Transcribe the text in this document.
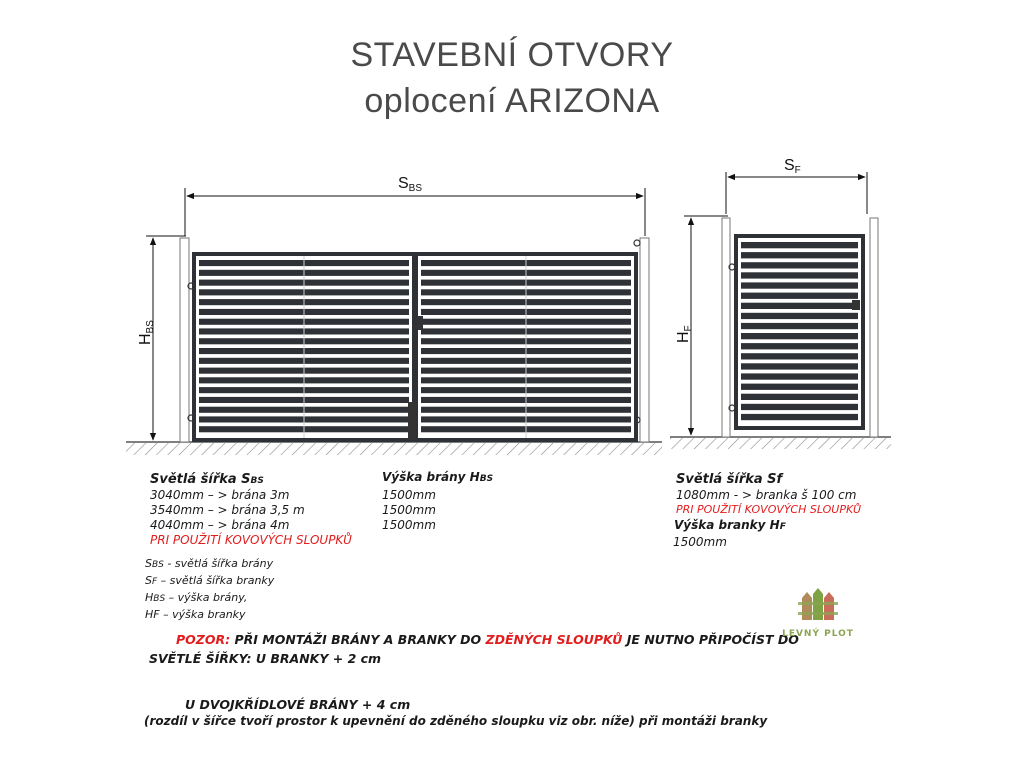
STAVEBNÍ OTVORY
oplocení ARIZONA
SBS
SF
HBS
HF
Světlá šířka SBS
3040mm – > brána 3m
3540mm – > brána 3,5 m
4040mm – > brána 4m
PRI POUŽITÍ KOVOVÝCH SLOUPKŮ
Výška brány HBS
1500mm
1500mm
1500mm
Světlá šířka Sf
1080mm - > branka š 100 cm
PRI POUŽITÍ KOVOVÝCH SLOUPKŮ
Výška branky HF
1500mm
SBS - světlá šířka brány
SF – světlá šířka branky
HBS – výška brány,
HF – výška branky
POZOR: PŘI MONTÁŽI BRÁNY A BRANKY DO ZDĚNÝCH SLOUPKŮ JE NUTNO PŘIPOČÍST DO
SVĚTLÉ ŠÍŘKY: U BRANKY + 2 cm
U DVOJKŘÍDLOVÉ BRÁNY + 4 cm
(rozdíl v šířce tvoří prostor k upevnění do zděného sloupku viz obr. níže) při montáži branky
LEVNÝ PLOT
